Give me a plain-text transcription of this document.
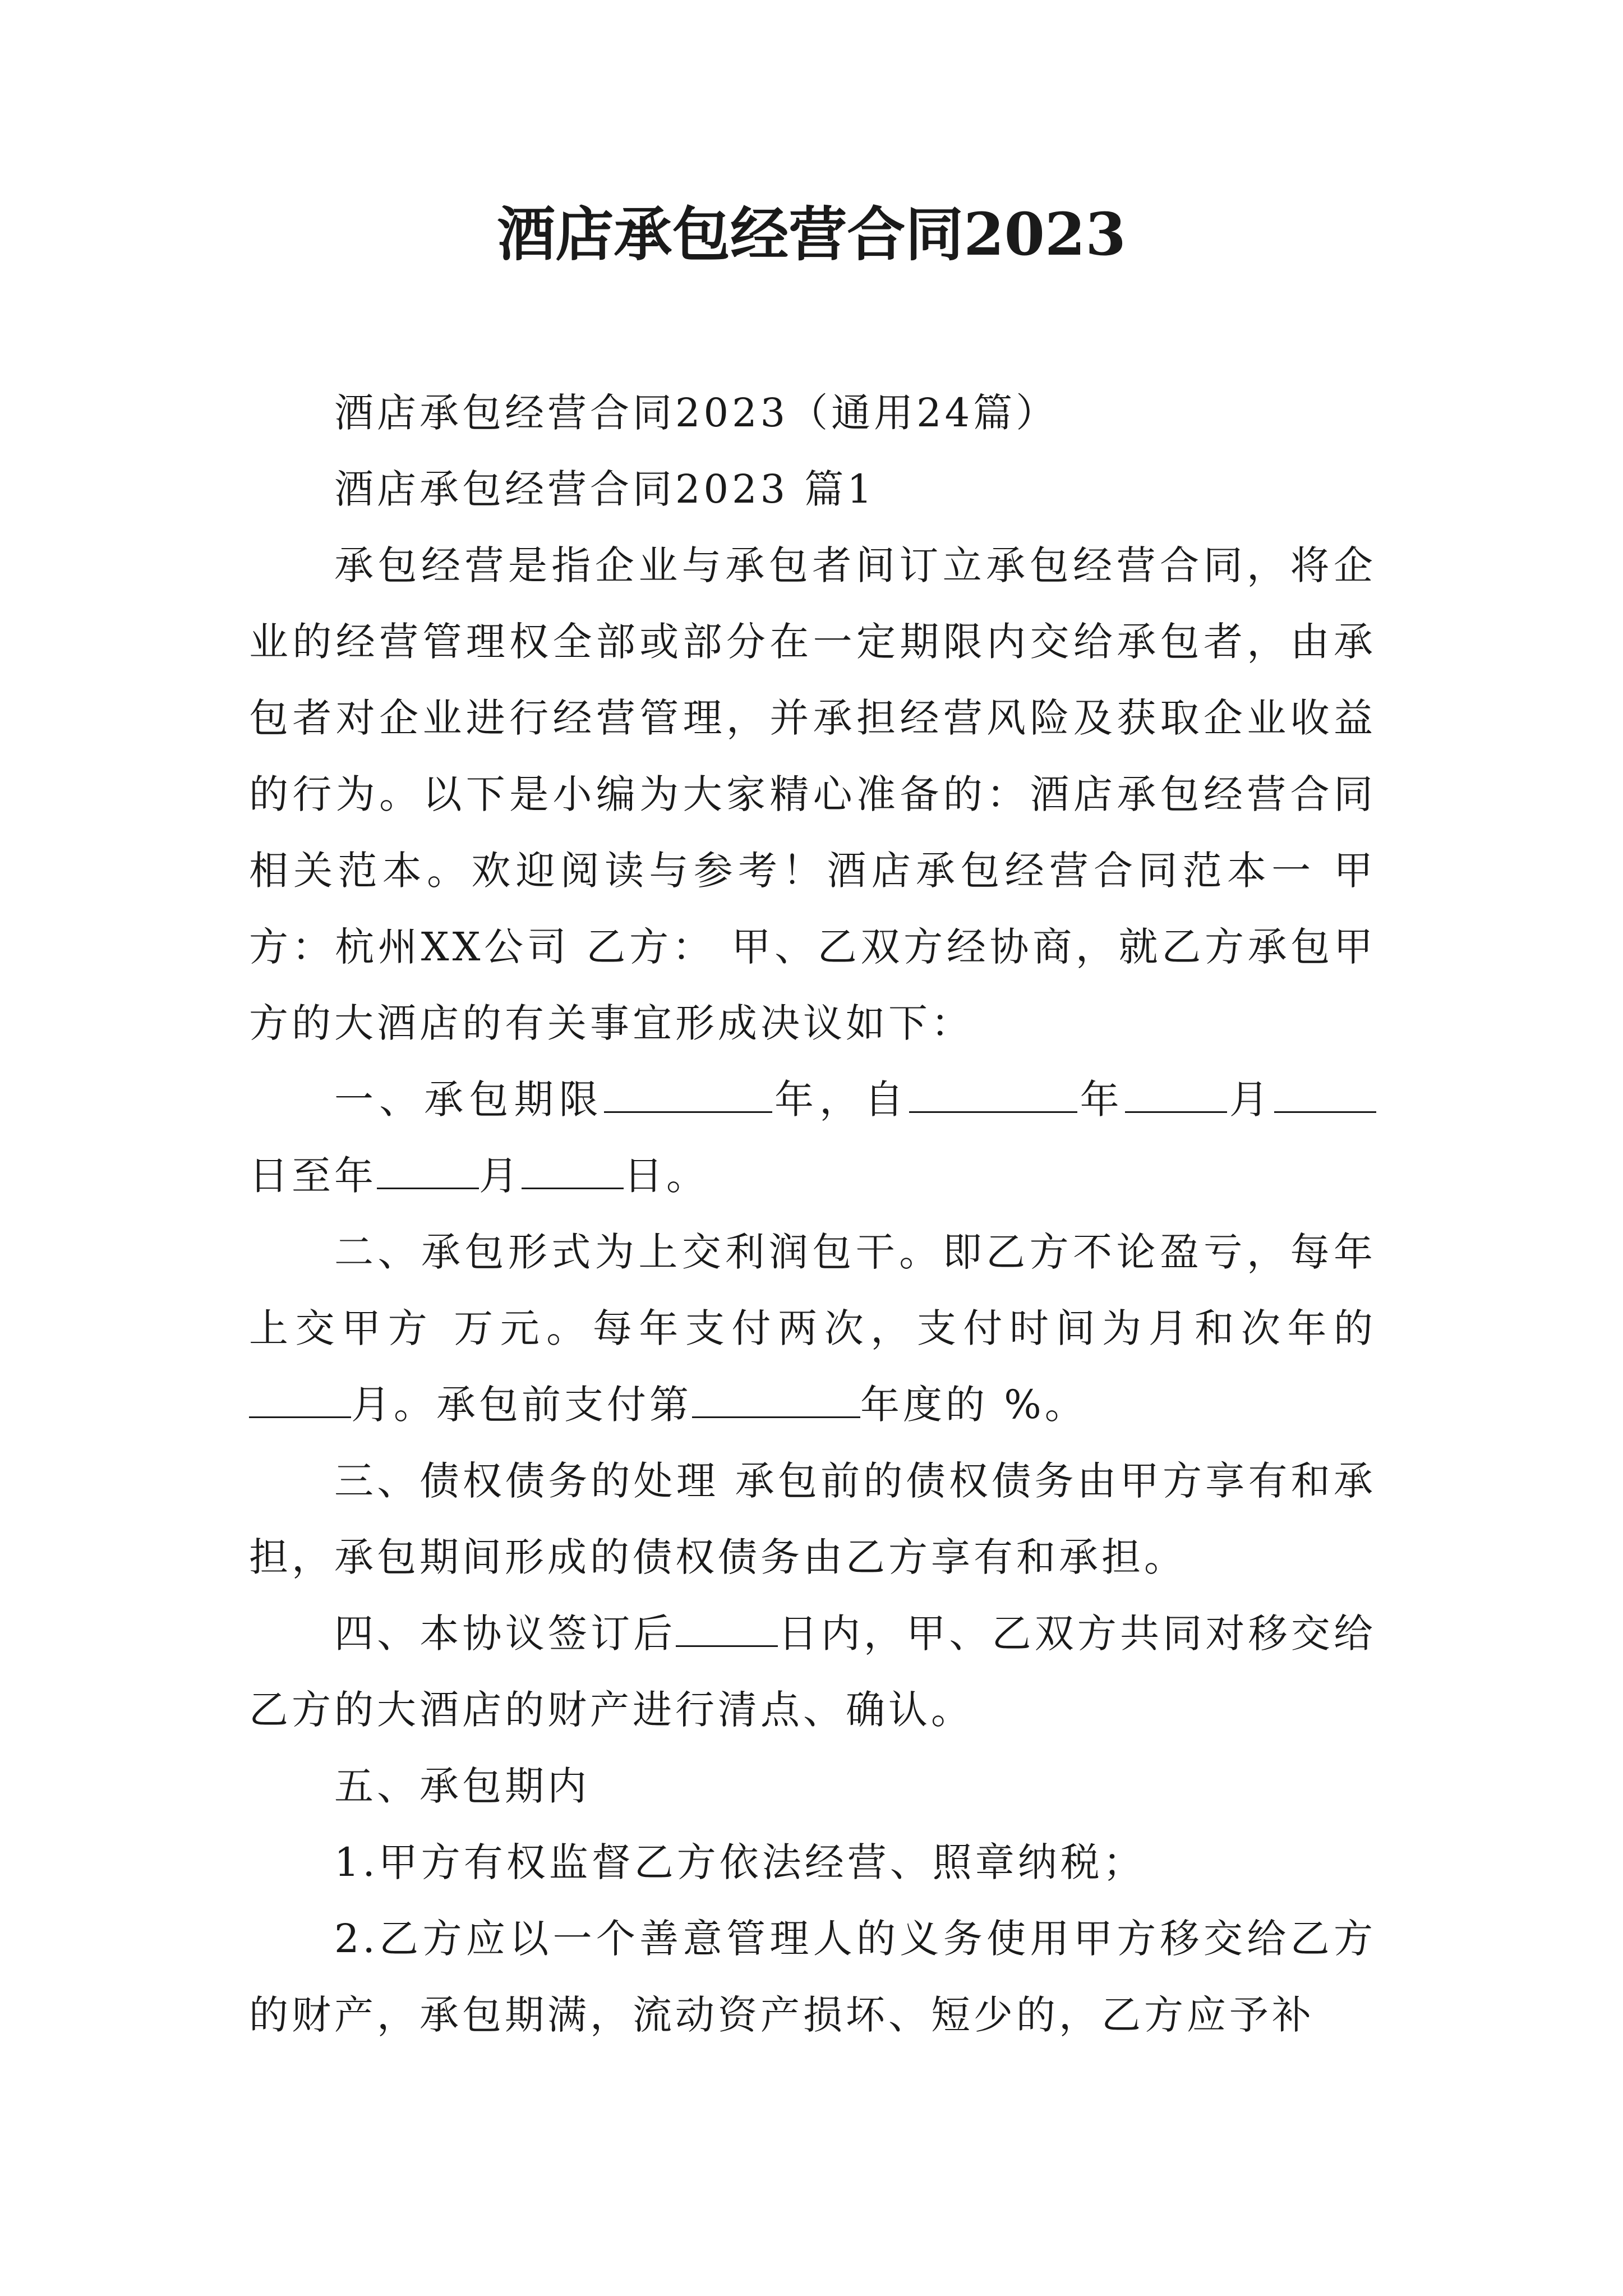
酒店承包经营合同2023

酒店承包经营合同2023（通用24篇）

酒店承包经营合同2023 篇1

承包经营是指企业与承包者间订立承包经营合同，将企业的经营管理权全部或部分在一定期限内交给承包者，由承包者对企业进行经营管理，并承担经营风险及获取企业收益的行为。以下是小编为大家精心准备的：酒店承包经营合同相关范本。欢迎阅读与参考！酒店承包经营合同范本一 甲方：杭州XX公司 乙方： 甲、乙双方经协商，就乙方承包甲方的大酒店的有关事宜形成决议如下：

一、承包期限	年，自	年	月日至年	月	日。

二、承包形式为上交利润包干。即乙方不论盈亏，每年上交甲方 万元。每年支付两次，支付时间为月和次年的月。承包前支付第	年度的 %。

三、债权债务的处理 承包前的债权债务由甲方享有和承担，承包期间形成的债权债务由乙方享有和承担。

四、本协议签订后	日内，甲、乙双方共同对移交给乙方的大酒店的财产进行清点、确认。

五、承包期内

1.甲方有权监督乙方依法经营、照章纳税；

2.乙方应以一个善意管理人的义务使用甲方移交给乙方的财产，承包期满，流动资产损坏、短少的，乙方应予补
